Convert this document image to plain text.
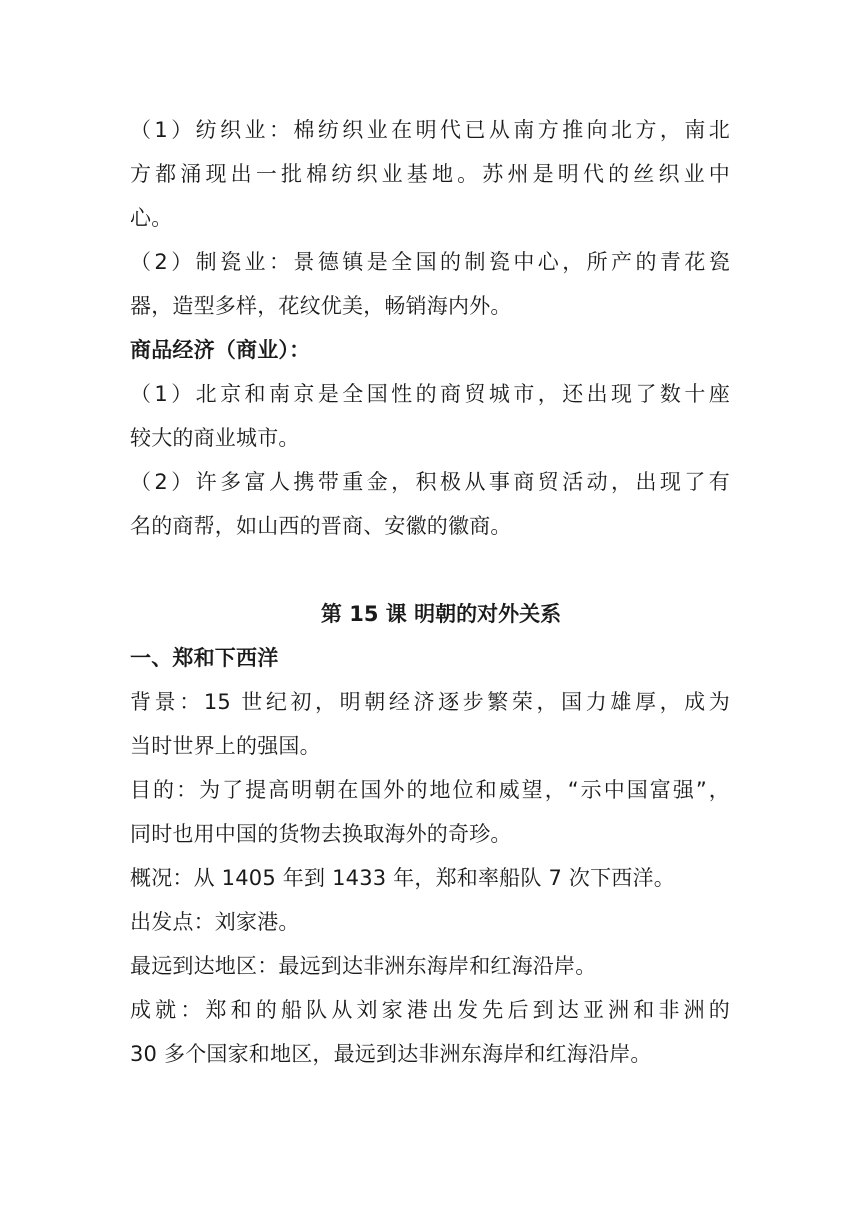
（1）纺织业：棉纺织业在明代已从南方推向北方，南北
方都涌现出一批棉纺织业基地。苏州是明代的丝织业中
心。
（2）制瓷业：景德镇是全国的制瓷中心，所产的青花瓷
器，造型多样，花纹优美，畅销海内外。
商品经济（商业）：
（1）北京和南京是全国性的商贸城市，还出现了数十座
较大的商业城市。
（2）许多富人携带重金，积极从事商贸活动，出现了有
名的商帮，如山西的晋商、安徽的徽商。
第 15 课 明朝的对外关系
一、郑和下西洋
背景：15 世纪初，明朝经济逐步繁荣，国力雄厚，成为
当时世界上的强国。
目的：为了提高明朝在国外的地位和威望，“示中国富强”，
同时也用中国的货物去换取海外的奇珍。
概况：从 1405 年到 1433 年，郑和率船队 7 次下西洋。
出发点：刘家港。
最远到达地区：最远到达非洲东海岸和红海沿岸。
成就：郑和的船队从刘家港出发先后到达亚洲和非洲的
30 多个国家和地区，最远到达非洲东海岸和红海沿岸。
